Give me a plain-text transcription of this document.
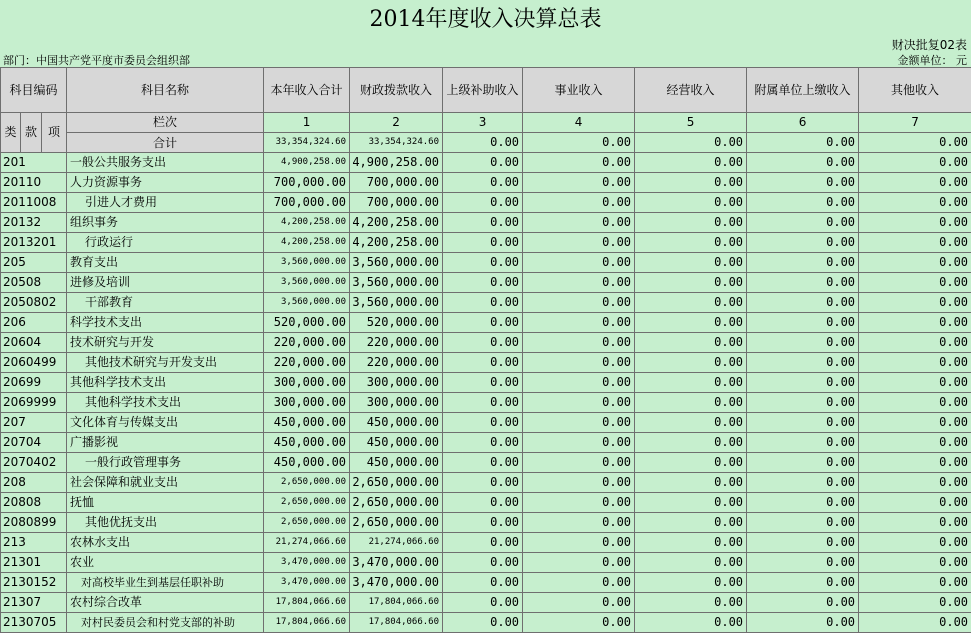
2014年度收入决算总表
财决批复02表
部门：中国共产党平度市委员会组织部	金额单位： 元
科目编码			科目名称	本年收入合计	财政拨款收入	上级补助收入	事业收入	经营收入	附属单位上缴收入	其他收入
类	款	项	栏次	1	2	3	4	5	6	7
			合计	33,354,324.60	33,354,324.60	0.00	0.00	0.00	0.00	0.00
201			一般公共服务支出	4,900,258.00	4,900,258.00	0.00	0.00	0.00	0.00	0.00
20110			人力资源事务	700,000.00	700,000.00	0.00	0.00	0.00	0.00	0.00
2011008			引进人才费用	700,000.00	700,000.00	0.00	0.00	0.00	0.00	0.00
20132			组织事务	4,200,258.00	4,200,258.00	0.00	0.00	0.00	0.00	0.00
2013201			行政运行	4,200,258.00	4,200,258.00	0.00	0.00	0.00	0.00	0.00
205			教育支出	3,560,000.00	3,560,000.00	0.00	0.00	0.00	0.00	0.00
20508			进修及培训	3,560,000.00	3,560,000.00	0.00	0.00	0.00	0.00	0.00
2050802			干部教育	3,560,000.00	3,560,000.00	0.00	0.00	0.00	0.00	0.00
206			科学技术支出	520,000.00	520,000.00	0.00	0.00	0.00	0.00	0.00
20604			技术研究与开发	220,000.00	220,000.00	0.00	0.00	0.00	0.00	0.00
2060499			其他技术研究与开发支出	220,000.00	220,000.00	0.00	0.00	0.00	0.00	0.00
20699			其他科学技术支出	300,000.00	300,000.00	0.00	0.00	0.00	0.00	0.00
2069999			其他科学技术支出	300,000.00	300,000.00	0.00	0.00	0.00	0.00	0.00
207			文化体育与传媒支出	450,000.00	450,000.00	0.00	0.00	0.00	0.00	0.00
20704			广播影视	450,000.00	450,000.00	0.00	0.00	0.00	0.00	0.00
2070402			一般行政管理事务	450,000.00	450,000.00	0.00	0.00	0.00	0.00	0.00
208			社会保障和就业支出	2,650,000.00	2,650,000.00	0.00	0.00	0.00	0.00	0.00
20808			抚恤	2,650,000.00	2,650,000.00	0.00	0.00	0.00	0.00	0.00
2080899			其他优抚支出	2,650,000.00	2,650,000.00	0.00	0.00	0.00	0.00	0.00
213			农林水支出	21,274,066.60	21,274,066.60	0.00	0.00	0.00	0.00	0.00
21301			农业	3,470,000.00	3,470,000.00	0.00	0.00	0.00	0.00	0.00
2130152			对高校毕业生到基层任职补助	3,470,000.00	3,470,000.00	0.00	0.00	0.00	0.00	0.00
21307			农村综合改革	17,804,066.60	17,804,066.60	0.00	0.00	0.00	0.00	0.00
2130705			对村民委员会和村党支部的补助	17,804,066.60	17,804,066.60	0.00	0.00	0.00	0.00	0.00
